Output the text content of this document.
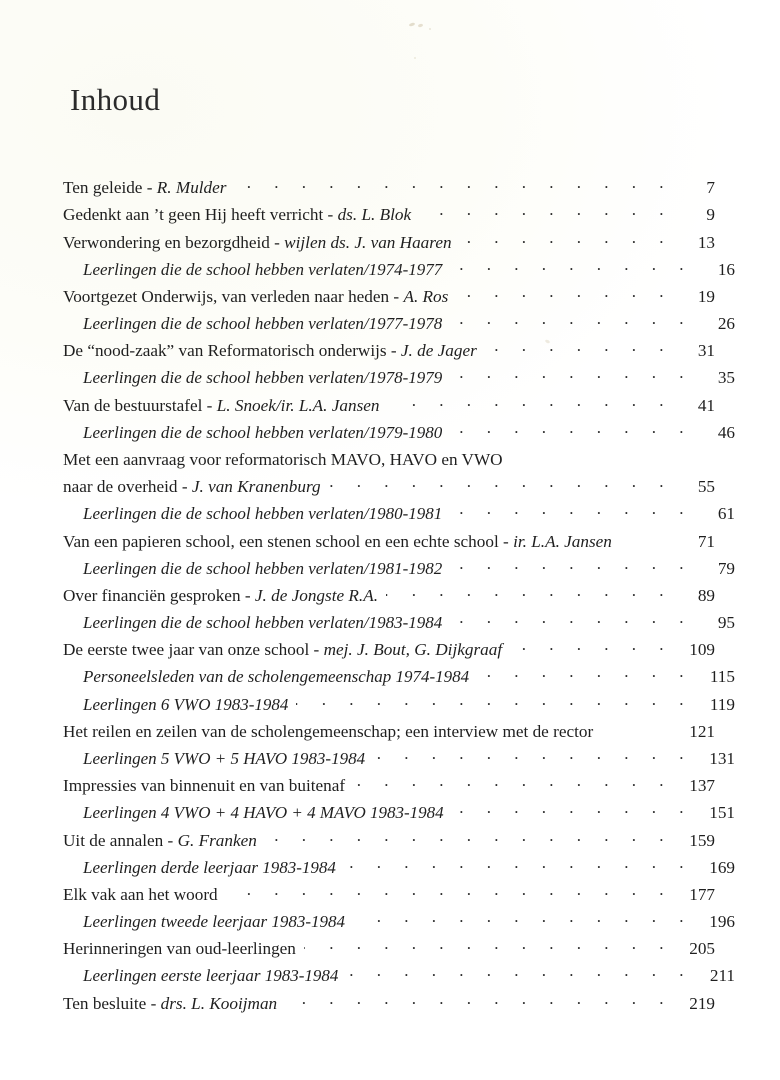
Inhoud
Ten geleide - R. Mulder . . .	7
Gedenkt aan ’t geen Hij heeft verricht - ds. L. Blok . . .	9
Verwondering en bezorgdheid - wijlen ds. J. van Haaren . . .	13
Leerlingen die de school hebben verlaten/1974-1977 . . .	16
Voortgezet Onderwijs, van verleden naar heden - A. Ros . . .	19
Leerlingen die de school hebben verlaten/1977-1978 . . .	26
De “nood-zaak” van Reformatorisch onderwijs - J. de Jager . . .	31
Leerlingen die de school hebben verlaten/1978-1979 . . .	35
Van de bestuurstafel - L. Snoek/ir. L.A. Jansen . . .	41
Leerlingen die de school hebben verlaten/1979-1980 . . .	46
Met een aanvraag voor reformatorisch MAVO, HAVO en VWO
naar de overheid - J. van Kranenburg . . .	55
Leerlingen die de school hebben verlaten/1980-1981 . . .	61
Van een papieren school, een stenen school en een echte school - ir. L.A. Jansen	71
Leerlingen die de school hebben verlaten/1981-1982 . . .	79
Over financiën gesproken - J. de Jongste R.A. . . .	89
Leerlingen die de school hebben verlaten/1983-1984 . . .	95
De eerste twee jaar van onze school - mej. J. Bout, G. Dijkgraaf . . .	109
Personeelsleden van de scholengemeenschap 1974-1984 . . .	115
Leerlingen 6 VWO 1983-1984 . . .	119
Het reilen en zeilen van de scholengemeenschap; een interview met de rector	121
Leerlingen 5 VWO + 5 HAVO 1983-1984 . . .	131
Impressies van binnenuit en van buitenaf . . .	137
Leerlingen 4 VWO + 4 HAVO + 4 MAVO 1983-1984 . . .	151
Uit de annalen - G. Franken . . .	159
Leerlingen derde leerjaar 1983-1984 . . .	169
Elk vak aan het woord . . .	177
Leerlingen tweede leerjaar 1983-1984 . . .	196
Herinneringen van oud-leerlingen . . .	205
Leerlingen eerste leerjaar 1983-1984 . . .	211
Ten besluite - drs. L. Kooijman . . .	219
